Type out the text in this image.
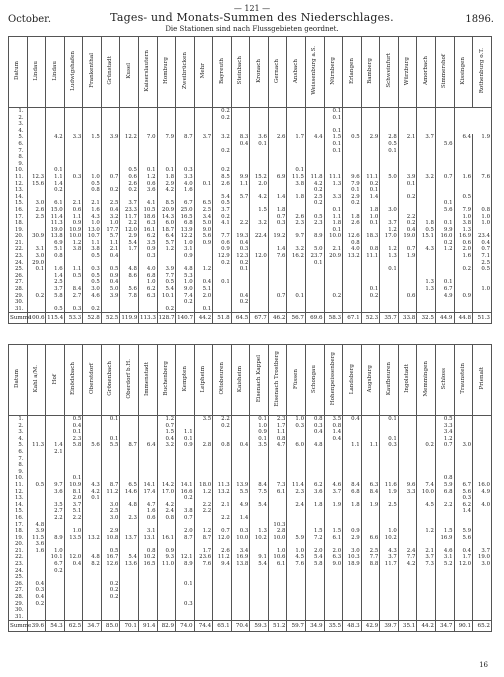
— 121 —
October.	1896.
Tages- und Monats-Summen des Niederschlages.
Die Stationen sind nach Flussgebieten geordnet.
Datum	Lindau	Lindau	Ludwigshafen	Frankenthal	Grünstadt	Kusel	Kaiserslautern	Homburg	Zweibrücken	Mehr	Bayreuth	Steinbach	Kronach	Gernach	Ansbach	Weissenburg a.S.	Nürnberg	Erlangen	Bamberg	Schweinfurt	Würzburg	Amorbach	Simmershof	Kissingen	Rothenburg o.T.
1.											0.2						0.1								
2.											0.2						0.1								
3.																									
4.																	0.1								
5.		4.2	3.3	1.5	3.9	12.2	7.0	7.9	8.7	3.7	3.2	8.3	3.6	2.6	1.7	4.4	1.5	0.5	2.9	2.8	2.1	3.7		6.4	1.9
6.												0.4	0.1				0.1			0.5			5.6		
7.											0.2						0.1			0.1					
8.																									
9.																									
10.		0.1				0.5	0.1	0.1	0.3		0.2				0.1										
11.	12.3	1.1	0.3	1.0	0.7	0.6	1.2	1.8	3.3		8.5	9.9	15.2	6.9	11.5	11.8	11.1	9.6	11.1	5.0	3.9	3.2	0.7	1.6	7.6
12.	15.6	1.4		0.5		2.6	0.6	2.9	4.0	0.1	2.6	1.1	2.0		3.8	4.2	1.3	7.9	0.2		0.1				
13.		0.2		0.8	0.2	0.2	3.6	4.2	1.6							0.2		0.1	0.1						
14.											5.4	5.7	4.2	1.4	1.8	2.5	3.3	2.9	1.4		0.2			0.5	
15.	3.0	6.1	2.1	2.1	2.5	3.7	4.1	8.5	6.7	6.5	0.5					0.2		0.2					0.1		
16.	2.6	15.0	0.6	1.6	0.4	23.3	10.5	20.9	25.0	2.5	3.7		1.5	1.8			0.1		1.8	3.0			5.6	7.9	0.8
17.	2.5	11.4	1.1	4.3	3.2	11.7	18.6	14.3	16.5	3.4	0.2			0.7	2.6	0.5	1.1	1.8	1.0		2.2			1.0	1.0
18.		11.3	0.9	1.0	1.0	2.2	6.3	6.0	6.8	5.0	4.1	2.2	3.2	0.3	2.3	2.3	1.8	2.6	0.1	3.7	0.2	1.8	0.1	3.8	1.0
19.		19.0	10.9	13.0	17.7	12.0	16.1	18.7	13.9	9.0							0.1			1.2	0.4	0.5	9.9	1.3	
20.	30.9	13.8	10.0	10.7	5.7	2.9	6.2	6.4	12.2	5.6	7.7	19.3	22.4	19.2	9.7	8.9	10.0	12.6	18.3	17.0	19.0	15.1	16.0	16.9	23.4
21.		6.9	1.2	1.1	1.1	5.4	3.5	5.7	1.0	0.9	0.6	0.4						0.8					0.2	0.6	0.4
22.	3.1	5.1	3.8	3.8	2.1	1.7	0.9	1.2	3.1		0.9	0.3		1.4	3.2	5.0	2.1	4.0	0.8	1.2	0.7	4.3	1.2	2.0	0.7
23.	3.0	0.8		0.5	0.4		0.3		0.9		12.9	12.3	12.0	7.6	16.2	23.7	20.9	13.2	11.1	1.3	1.9			1.6	7.1
24.	29.0										0.2	0.2				0.1									2.5
25.	0.1	1.6	1.1	0.3	0.5	4.8	4.0	3.9	4.8	1.2		0.1								0.1				0.2	0.5
26.		1.4	0.5	0.5	0.9	8.6	6.8	7.7	5.3																
27.		2.5		0.5	0.4		1.0	0.5	1.0	0.4	0.1											1.3	0.1		
28.		3.7	8.4	3.0	5.0	5.6	6.2	5.4	9.0	5.1									0.1			1.3	6.7		1.0
29.	0.2	5.8	2.7	4.6	3.9	7.8	6.3	10.1	7.4	2.0		0.4		0.7	0.1		0.2		0.2		0.6		4.9	0.9	
30.									0.2			0.2													
31.		0.5	0.3	0.2				0.2		0.1															
Summe	100.6	115.4	53.3	52.8	52.5	119.9	113.3	128.7	140.7	44.2	51.8	64.5	67.7	46.2	56.7	69.6	58.3	67.1	52.3	35.7	33.8	32.5	44.9	44.8	51.3
Datum	Kahl a/M.	Hof	Einödsbach	Oberstdorf	Grönenbach	Oberdorf b.H.	Immenstadt	Buchenberg	Kempten	Leipheim	Ottobeuren	Kaisheim	Eisenach Kappel	Eisenach Trostberg	Füssen	Schongau	Hohenpeissenberg	Landsberg	Augsburg	Kaufbeuren	Ingolstadt	Memmingen	Schloss	Traunstein	Prienalt
1.			0.5		0.1			1.2		3.5	2.2		0.1	2.3	1.0	0.8	3.5	0.4		0.1			0.5		
2.			0.4					0.7			0.2		1.0	1.7	0.3	0.3	0.8						3.3		
3.			0.1					1.5	1.1				0.9	1.1		0.4	1.4						3.4		
4.			2.3		0.1			0.4	0.1				0.1	0.8			0.4			0.1			1.2		
5.	11.3	1.4	5.8	5.6	5.5	8.7	6.4	3.2	0.9	2.8	0.8	0.4	3.5	4.7	6.0	4.8		1.1	1.1	0.3		0.2	0.7	3.0	
6.		2.1																							
7.																									
8.																									
9.																									
10.			0.1																				0.8		
11.	0.5	9.7	10.9	4.3	8.7	6.5	14.1	14.2	14.1	18.0	11.3	13.9	8.4	7.3	11.4	6.2	4.6	8.4	6.3	11.6	9.6	7.4	5.9	6.7	16.0
12.		3.6	8.1	4.2	11.2	14.6	17.4	17.0	16.6	1.2	13.2	5.5	7.5	6.1	2.3	3.6	3.7	6.8	8.4	1.9	3.3	10.0	6.8	5.6	4.9
13.			2.0	0.1					0.2															0.3	
14.		3.5	3.7		3.0	4.8	4.7	4.2		2.2	2.1	4.9	5.4		2.4	1.8	1.9	1.8	1.9	2.5		4.5	2.2	6.2	4.0
15.		2.7	5.1		2.5		1.6	2.4	3.8	2.2														1.4	
16.		2.2	2.2		3.0	2.3	0.6	0.8	0.7		2.2	1.4													
17.	4.8													10.3											
18.	3.9		1.0		2.9		3.1		2.0	1.2	0.7	0.3	1.3	2.8		1.5	1.5	0.9		1.0		1.2	1.5	5.9	
19.	11.5	8.9	13.5	13.2	10.8	13.7	13.1	16.1	8.7	8.7	12.0	10.0	10.2	10.0	5.9	7.2	6.1	2.9	6.6	10.2			16.9	5.6	
20.	3.6																								
21.	1.6	1.0			0.5		0.8	0.9		1.7	2.6	3.4		1.0	1.0	2.0	2.0	3.0	2.5	4.3	2.4	2.1	4.6	0.4	3.7
22.		10.1	12.0	4.8	16.7	5.4	10.2	9.3	12.1	23.6	11.2	16.9	9.1	10.6	4.5	5.4	6.3	10.3	7.7	3.7	7.7	3.7	3.1	1.7	19.0
23.		6.7	0.4	8.2	12.6	13.6	16.5	11.0	8.9	7.6	9.4	13.8	5.4	6.1	7.6	5.8	9.0	18.9	8.8	11.7	4.2	7.3	5.2	12.0	3.0
24.		0.2																							
25.																									
26.	0.4				0.2				0.1																
27.	0.3				0.2																				
28.	0.4				0.2																				
29.	0.2								0.3																
30.																									
31.																									
Summe	39.6	54.3	62.5	34.7	85.0	70.1	91.4	82.9	74.0	74.4	65.1	70.4	59.3	51.2	59.7	34.9	35.5	48.3	42.9	39.7	35.1	44.2	34.7	90.1	65.2
16
